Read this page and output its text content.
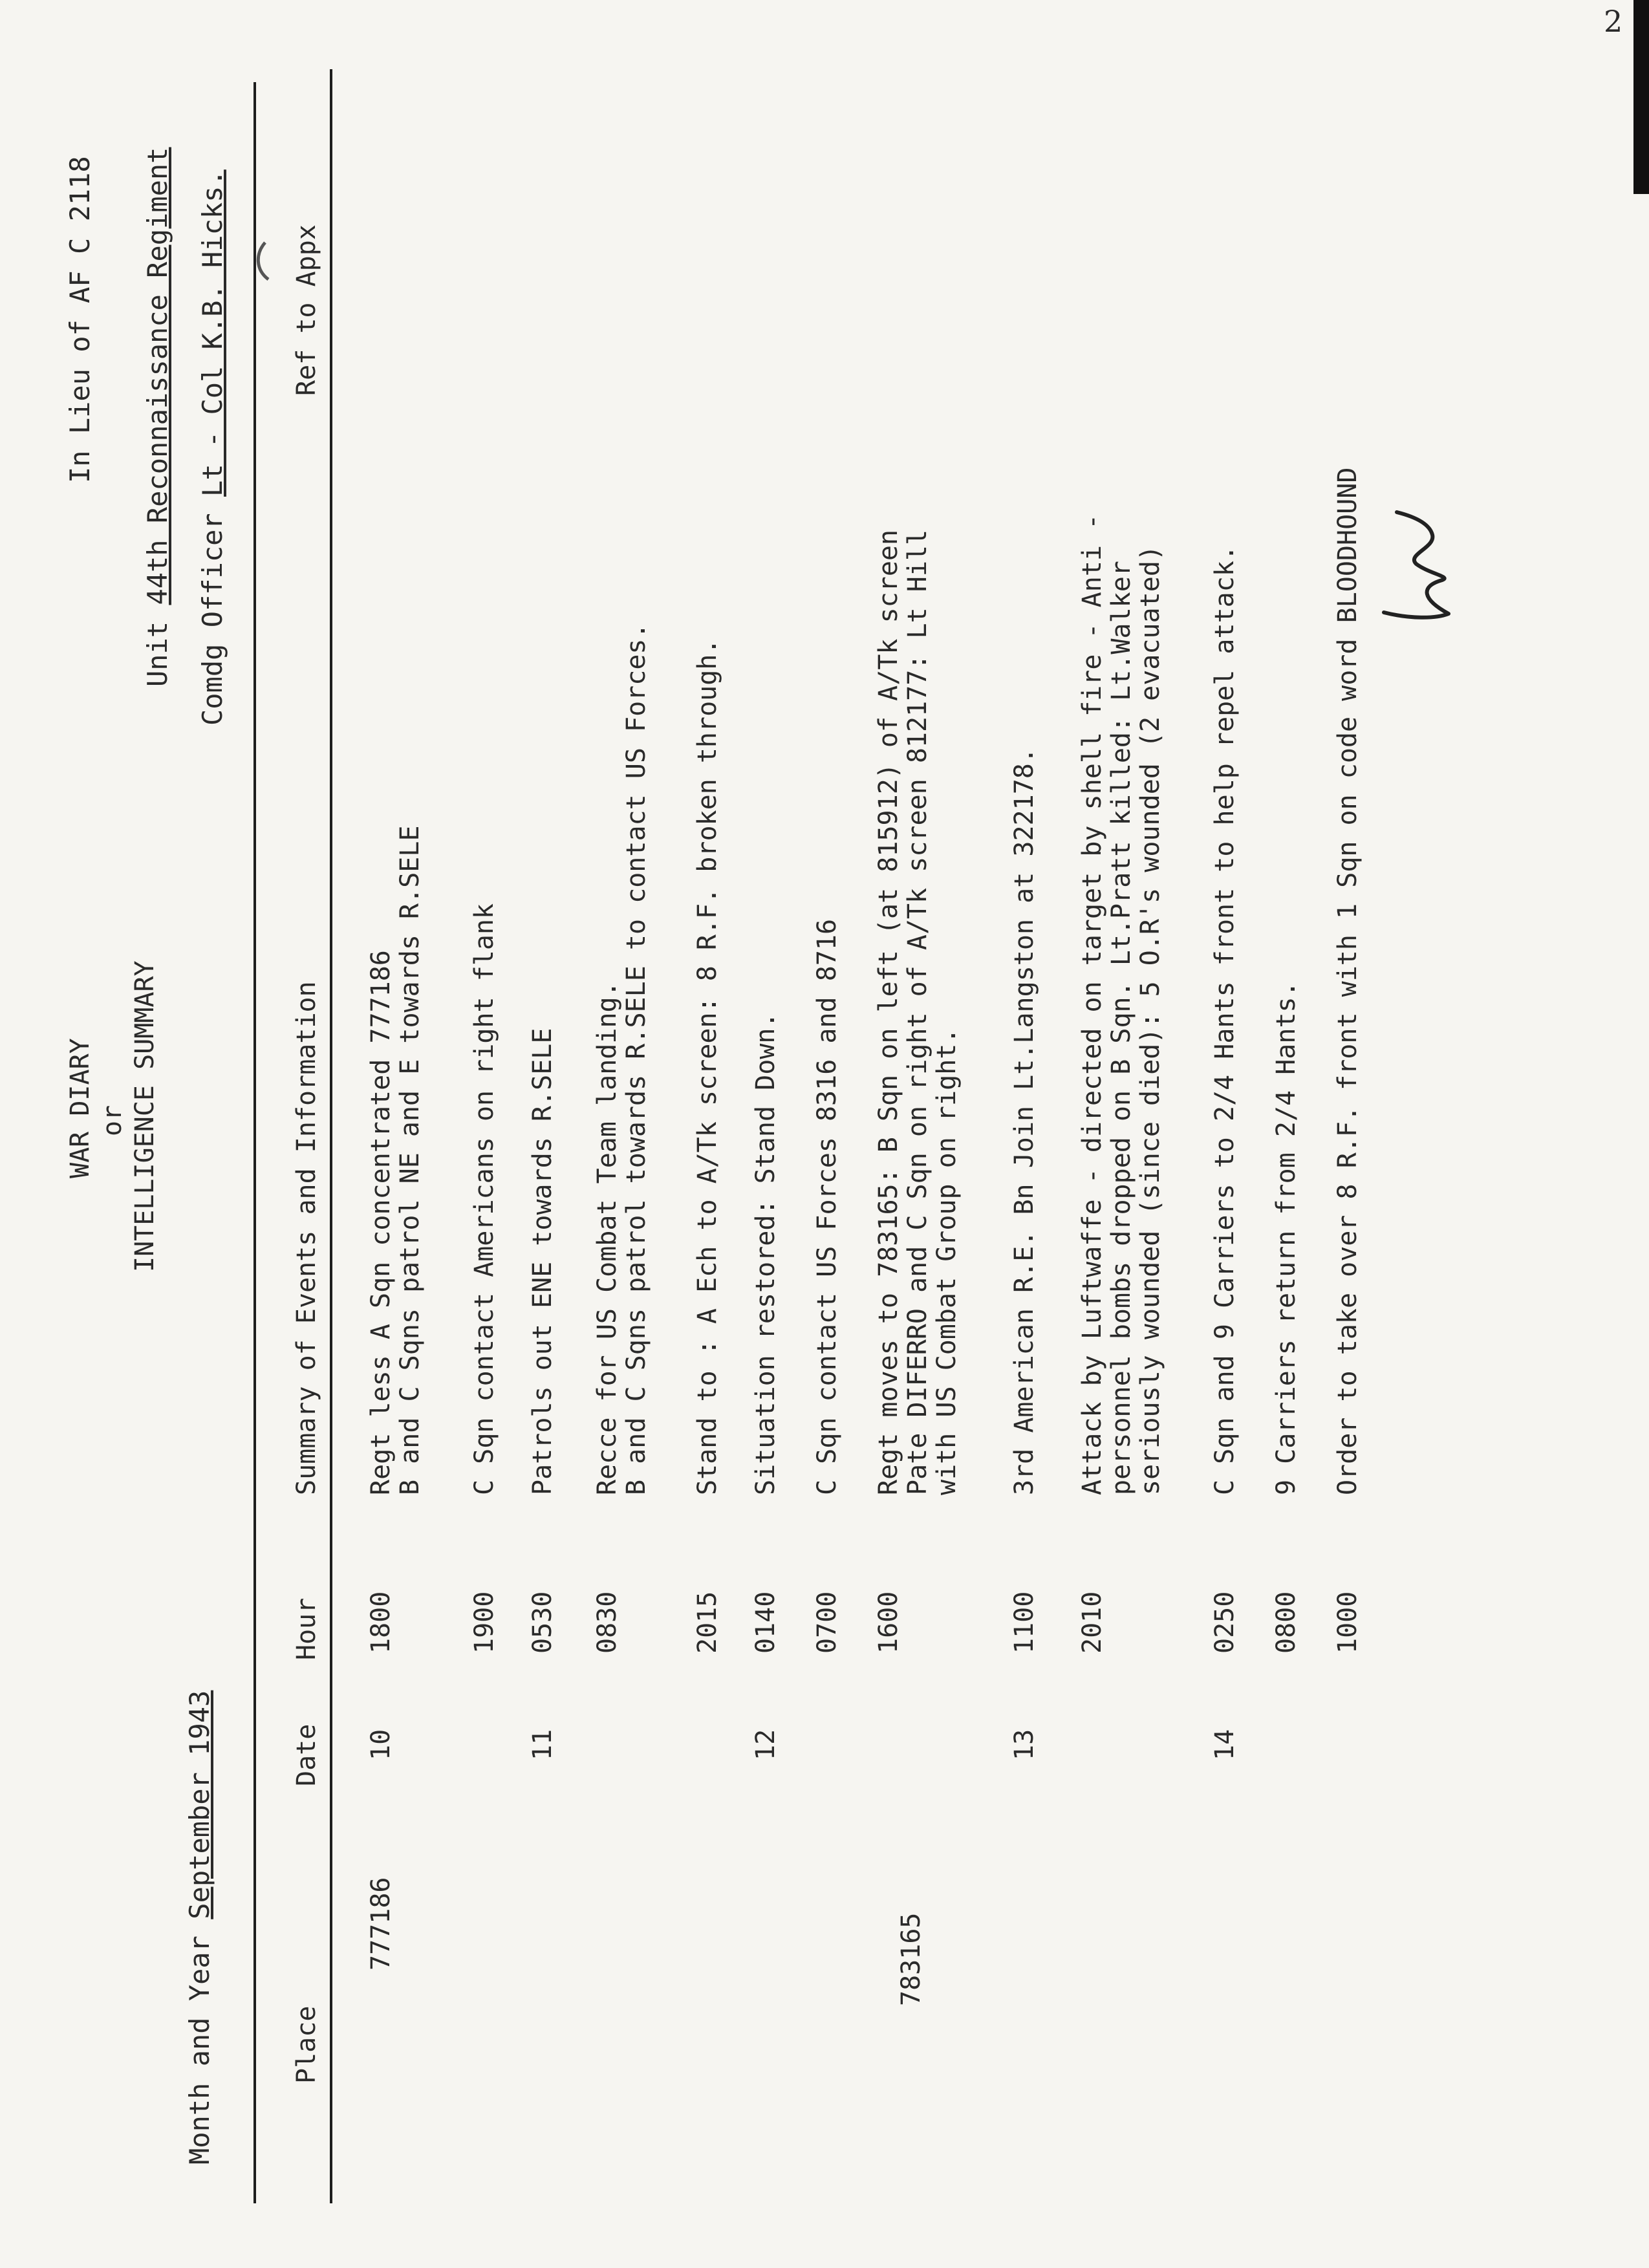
2
WAR DIARY or INTELLIGENCE SUMMARY
In Lieu of AF C 2118
Unit 44th Reconnaissance Regiment
Comdg Officer Lt - Col K.B. Hicks.
Month and Year September 1943
Place
Date
Hour
Summary of Events and Information
Ref to Appx
777186
10
1800
Regt less A Sqn concentrated 777186 B and C Sqns patrol NE and E towards R.SELE
1900
C Sqn contact Americans on right flank
11
0530
Patrols out ENE towards R.SELE
0830
Recce for US Combat Team landing. B and C Sqns patrol towards R.SELE to contact US Forces.
2015
Stand to : A Ech to A/Tk screen: 8 R.F. broken through.
12
0140
Situation restored: Stand Down.
0700
C Sqn contact US Forces 8316 and 8716
783165
1600
Regt moves to 783165: B Sqn on left (at 815912) of A/Tk screen Pate DIFERRO and C Sqn on right of A/Tk screen 812177: Lt Hill with US Combat Group on right.
13
1100
3rd American R.E. Bn Join Lt.Langston at 322178.
2010
Attack by Luftwaffe - directed on target by shell fire - Anti - personnel bombs dropped on B Sqn. Lt.Pratt killed: Lt.Walker seriously wounded (since died): 5 O.R's wounded (2 evacuated)
14
0250
C Sqn and 9 Carriers to 2/4 Hants front to help repel attack.
0800
9 Carriers return from 2/4 Hants.
1000
Order to take over 8 R.F. front with 1 Sqn on code word BLOODHOUND
